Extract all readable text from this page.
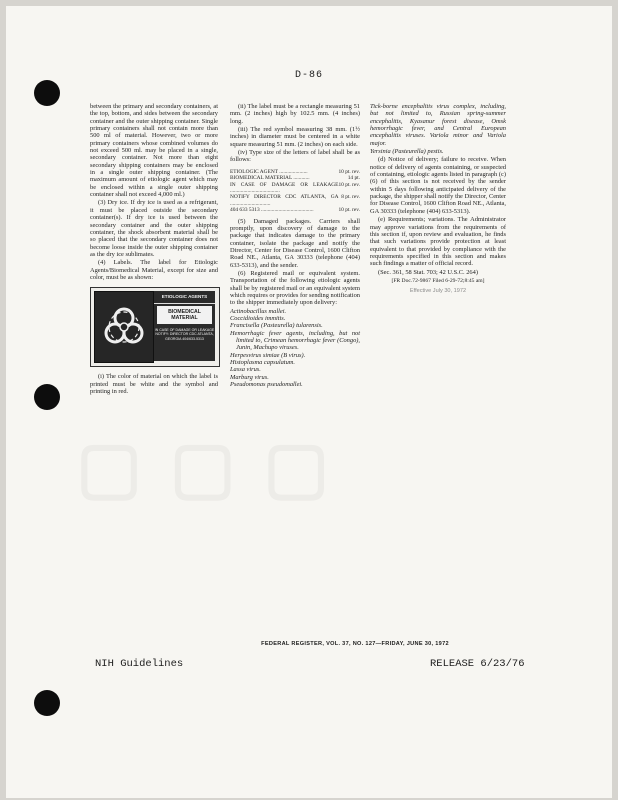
▢ ▢ ▢
D-86

between the primary and secondary containers, at the top, bottom, and sides between the secondary container and the outer shipping container. Single primary containers shall not contain more than 500 ml of material. However, two or more primary containers whose combined volumes do not exceed 500 ml. may be placed in a single, secondary container. Not more than eight secondary shipping containers may be enclosed in a single outer shipping container. (The maximum amount of etiologic agent which may be enclosed within a single outer shipping container shall not exceed 4,000 ml.)

(3) Dry ice. If dry ice is used as a refrigerant, it must be placed outside the secondary container(s). If dry ice is used between the secondary container and the outer shipping container, the shock absorbent material shall be so placed that the secondary container does not become loose inside the outer shipping container as the dry ice sublimates.

(4) Labels. The label for Etiologic Agents/Biomedical Material, except for size and color, must be as shown:

ETIOLOGIC AGENTS
BIOMEDICAL MATERIAL
IN CASE OF DAMAGE OR LEAKAGE NOTIFY: DIRECTOR CDC ATLANTA, GEORGIA 404/633-5313

(i) The color of material on which the label is printed must be white and the symbol and printing in red.

(ii) The label must be a rectangle measuring 51 mm. (2 inches) high by 102.5 mm. (4 inches) long.

(iii) The red symbol measuring 38 mm. (1½ inches) in diameter must be centered in a white square measuring 51 mm. (2 inches) on each side.

(iv) Type size of the letters of label shall be as follows:

ETIOLOGIC AGENT .....................	10 pt. rev.
BIOMEDICAL MATERIAL ............	14 pt.
IN CASE OF DAMAGE OR LEAKAGE .....................................	10 pt. rev.
NOTIFY DIRECTOR CDC ATLANTA, GA ..............................	8 pt. rev.
404 633 5313 .......................................	10 pt. rev.

(5) Damaged packages. Carriers shall promptly, upon discovery of damage to the package that indicates damage to the primary container, isolate the package and notify the Director, Center for Disease Control, 1600 Clifton Road NE., Atlanta, GA 30333 (telephone (404) 633-5313), and the sender.

(6) Registered mail or equivalent system. Transportation of the following etiologic agents shall be by registered mail or an equivalent system which requires or provides for sending notification to the shipper immediately upon delivery:

Actinobacillus mallei.
Coccidioides immitis.
Francisella (Pasteurella) tularensis.
Hemorrhagic fever agents, including, but not limited to, Crimean hemorrhagic fever (Congo), Junin, Machupo viruses.
Herpesvirus simiae (B virus).
Histoplasma capsulatum.
Lassa virus.
Marburg virus.
Pseudomonas pseudomallei.

Tick-borne encephalitis virus complex, including, but not limited to, Russian spring-summer encephalitis, Kyasanur forest disease, Omsk hemorrhagic fever, and Central European encephalitis viruses. Variola minor and Variola major.

Yersinia (Pasteurella) pestis.

(d) Notice of delivery; failure to receive. When notice of delivery of agents containing, or suspected of containing, etiologic agents listed in paragraph (c) (6) of this section is not received by the sender within 5 days following anticipated delivery of the package, the shipper shall notify the Director, Center for Disease Control, 1600 Clifton Road NE., Atlanta, GA 30333 (telephone (404) 633-5313).

(e) Requirements; variations. The Administrator may approve variations from the requirements of this section if, upon review and evaluation, he finds that such variations provide protection at least equivalent to that provided by compliance with the requirements specified in this section and makes such findings a matter of official record.

(Sec. 361, 58 Stat. 703; 42 U.S.C. 264)

[FR Doc.72-9867 Filed 6-29-72;8:45 am]
Effective July 30, 1972
FEDERAL REGISTER, VOL. 37, NO. 127—FRIDAY, JUNE 30, 1972
NIH Guidelines	RELEASE 6/23/76
